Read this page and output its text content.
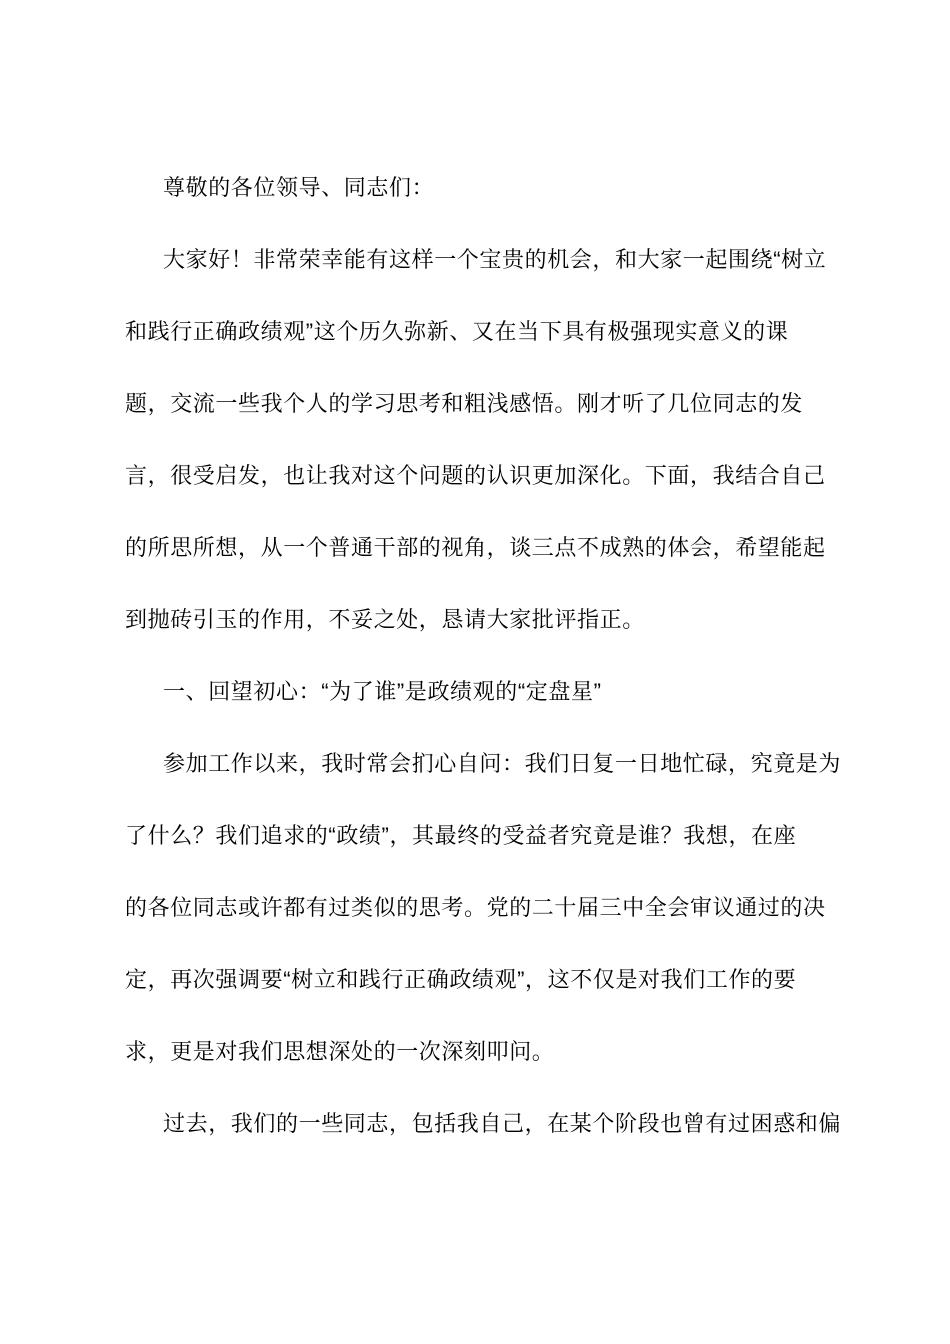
尊敬的各位领导、同志们：
大家好！非常荣幸能有这样一个宝贵的机会，和大家一起围绕“树立
和践行正确政绩观”这个历久弥新、又在当下具有极强现实意义的课
题，交流一些我个人的学习思考和粗浅感悟。刚才听了几位同志的发
言，很受启发，也让我对这个问题的认识更加深化。下面，我结合自己
的所思所想，从一个普通干部的视角，谈三点不成熟的体会，希望能起
到抛砖引玉的作用，不妥之处，恳请大家批评指正。
一、回望初心：“为了谁”是政绩观的“定盘星”
参加工作以来，我时常会扪心自问：我们日复一日地忙碌，究竟是为
了什么？我们追求的“政绩”，其最终的受益者究竟是谁？我想，在座
的各位同志或许都有过类似的思考。党的二十届三中全会审议通过的决
定，再次强调要“树立和践行正确政绩观”，这不仅是对我们工作的要
求，更是对我们思想深处的一次深刻叩问。
过去，我们的一些同志，包括我自己，在某个阶段也曾有过困惑和偏
